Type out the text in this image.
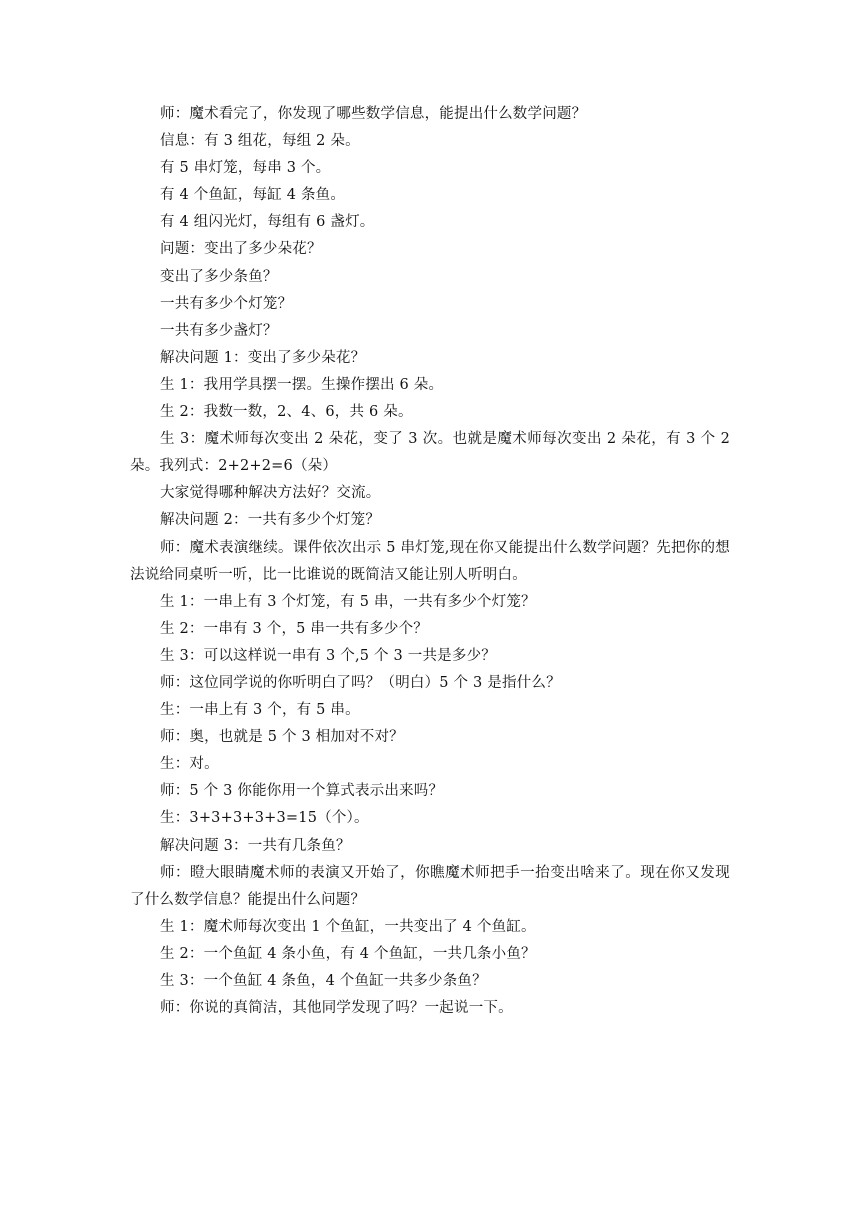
师：魔术看完了，你发现了哪些数学信息，能提出什么数学问题？

信息：有 3 组花，每组 2 朵。

有 5 串灯笼，每串 3 个。

有 4 个鱼缸，每缸 4 条鱼。

有 4 组闪光灯，每组有 6 盏灯。

问题：变出了多少朵花？

变出了多少条鱼？

一共有多少个灯笼？

一共有多少盏灯？

解决问题 1：变出了多少朵花？

生 1：我用学具摆一摆。生操作摆出 6 朵。

生 2：我数一数，2、4、6，共 6 朵。

生 3：魔术师每次变出 2 朵花，变了 3 次。也就是魔术师每次变出 2 朵花，有 3 个 2 朵。我列式：2+2+2=6（朵）

大家觉得哪种解决方法好？交流。

解决问题 2：一共有多少个灯笼？

师：魔术表演继续。课件依次出示 5 串灯笼,现在你又能提出什么数学问题？先把你的想法说给同桌听一听，比一比谁说的既简洁又能让别人听明白。

生 1：一串上有 3 个灯笼，有 5 串，一共有多少个灯笼？

生 2：一串有 3 个，5 串一共有多少个？

生 3：可以这样说一串有 3 个,5 个 3 一共是多少？

师：这位同学说的你听明白了吗？（明白）5 个 3 是指什么？

生：一串上有 3 个，有 5 串。

师：奥，也就是 5 个 3 相加对不对？

生：对。

师：5 个 3 你能你用一个算式表示出来吗？

生：3+3+3+3+3=15（个）。

解决问题 3：一共有几条鱼？

师：瞪大眼睛魔术师的表演又开始了，你瞧魔术师把手一抬变出啥来了。现在你又发现了什么数学信息？能提出什么问题？

生 1：魔术师每次变出 1 个鱼缸，一共变出了 4 个鱼缸。

生 2：一个鱼缸 4 条小鱼，有 4 个鱼缸，一共几条小鱼？

生 3：一个鱼缸 4 条鱼，4 个鱼缸一共多少条鱼？

师：你说的真简洁，其他同学发现了吗？一起说一下。
